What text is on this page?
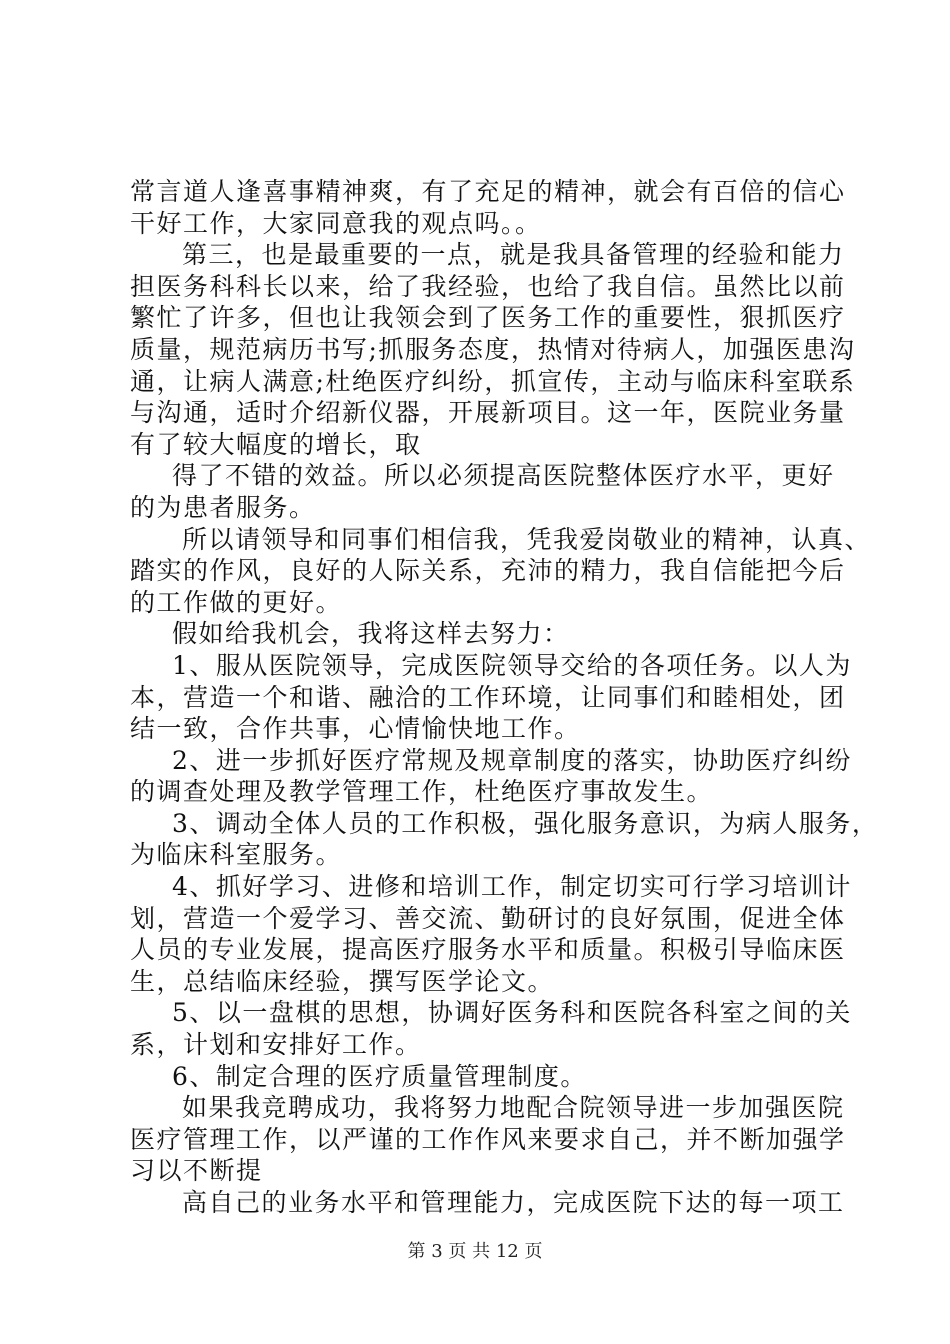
常言道人逢喜事精神爽，有了充足的精神，就会有百倍的信心
干好工作，大家同意我的观点吗。。
第三，也是最重要的一点，就是我具备管理的经验和能力
担医务科科长以来，给了我经验，也给了我自信。虽然比以前
繁忙了许多，但也让我领会到了医务工作的重要性，狠抓医疗
质量，规范病历书写;抓服务态度，热情对待病人，加强医患沟
通，让病人满意;杜绝医疗纠纷，抓宣传，主动与临床科室联系
与沟通，适时介绍新仪器，开展新项目。这一年，医院业务量
有了较大幅度的增长，取
得了不错的效益。所以必须提高医院整体医疗水平，更好
的为患者服务。
所以请领导和同事们相信我，凭我爱岗敬业的精神，认真、
踏实的作风，良好的人际关系，充沛的精力，我自信能把今后
的工作做的更好。
假如给我机会，我将这样去努力：
1、服从医院领导，完成医院领导交给的各项任务。以人为
本，营造一个和谐、融洽的工作环境，让同事们和睦相处，团
结一致，合作共事，心情愉快地工作。
2、进一步抓好医疗常规及规章制度的落实，协助医疗纠纷
的调查处理及教学管理工作，杜绝医疗事故发生。
3、调动全体人员的工作积极，强化服务意识，为病人服务，
为临床科室服务。
4、抓好学习、进修和培训工作，制定切实可行学习培训计
划，营造一个爱学习、善交流、勤研讨的良好氛围，促进全体
人员的专业发展，提高医疗服务水平和质量。积极引导临床医
生，总结临床经验，撰写医学论文。
5、以一盘棋的思想，协调好医务科和医院各科室之间的关
系，计划和安排好工作。
6、制定合理的医疗质量管理制度。
如果我竞聘成功，我将努力地配合院领导进一步加强医院
医疗管理工作，以严谨的工作作风来要求自己，并不断加强学
习以不断提
高自己的业务水平和管理能力，完成医院下达的每一项工
第 3 页 共 12 页
